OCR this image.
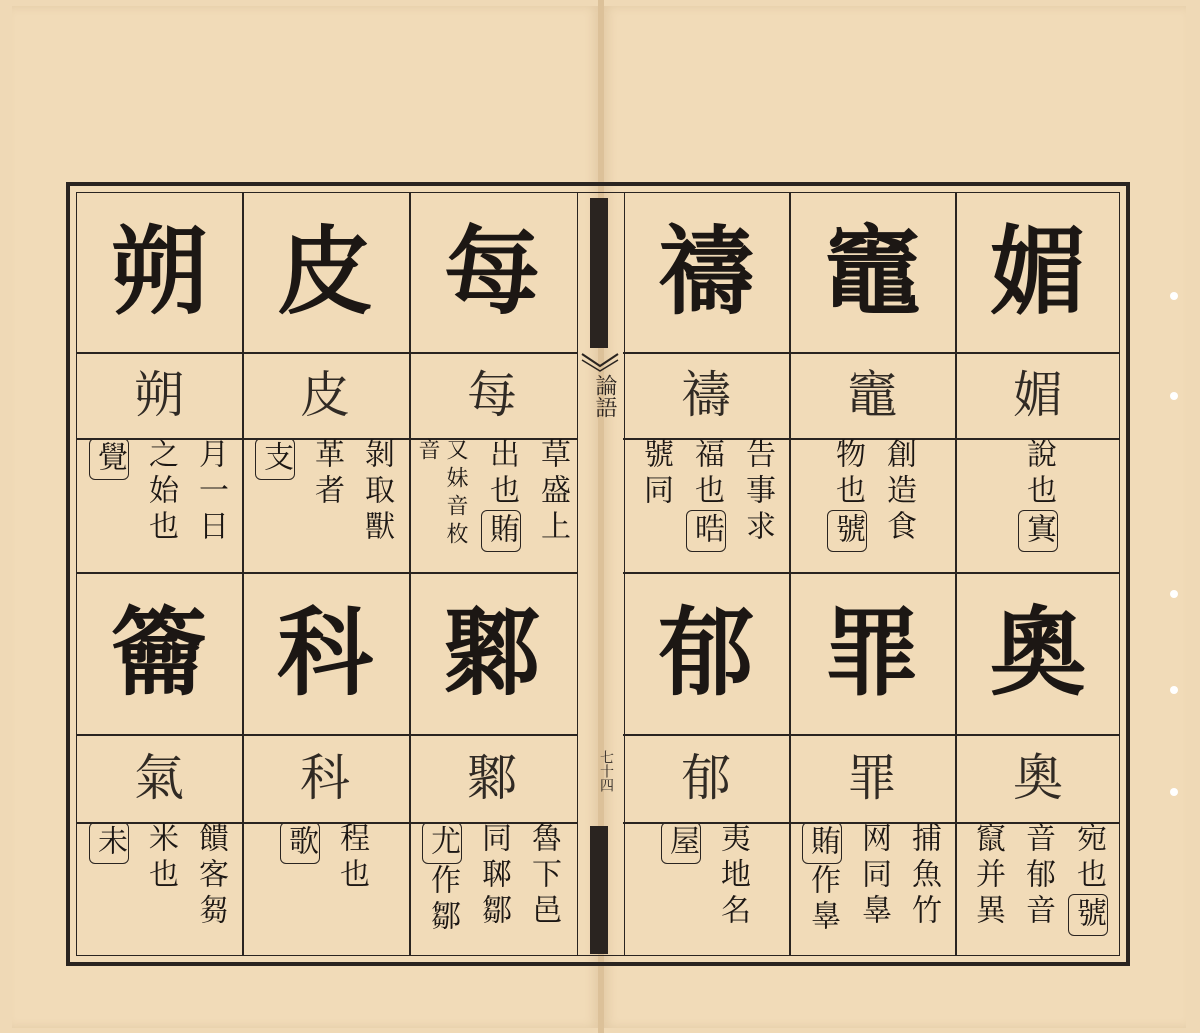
論語
七十四
朔
朔
月一日
之始也
覺
籥
氣
饋客芻
米也
未
皮
皮
剝取獸
革者
支
科
科
程也
歌
每
每
草盛上
出也賄
又妹音枚音
鄹
鄹
魯下邑
同郰鄒
尤作鄒
禱
禱
告事求
福也晧
號同
郁
郁
夷地名
屋
竈
竈
創造食
物也號
罪
罪
捕魚竹
网同辠
賄作辠
媚
媚
說也寘
奧
奧
宛也號
音郁音
竄并異
